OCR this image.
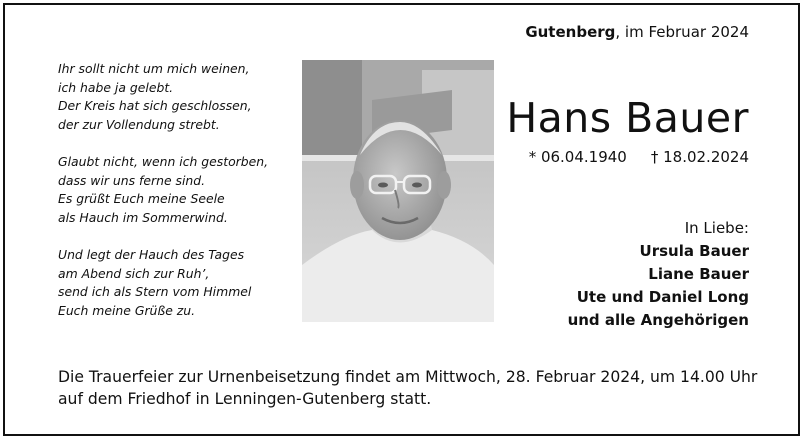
Gutenberg, im Februar 2024
Ihr sollt nicht um mich weinen,
ich habe ja gelebt.
Der Kreis hat sich geschlossen,
der zur Vollendung strebt.
Glaubt nicht, wenn ich gestorben,
dass wir uns ferne sind.
Es grüßt Euch meine Seele
als Hauch im Sommerwind.
Und legt der Hauch des Tages
am Abend sich zur Ruh’,
send ich als Stern vom Himmel
Euch meine Grüße zu.
Hans Bauer
* 06.04.1940 † 18.02.2024
In Liebe:
Ursula Bauer
Liane Bauer
Ute und Daniel Long
und alle Angehörigen
Die Trauerfeier zur Urnenbeisetzung findet am Mittwoch, 28. Februar 2024, um 14.00 Uhr
auf dem Friedhof in Lenningen-Gutenberg statt.
